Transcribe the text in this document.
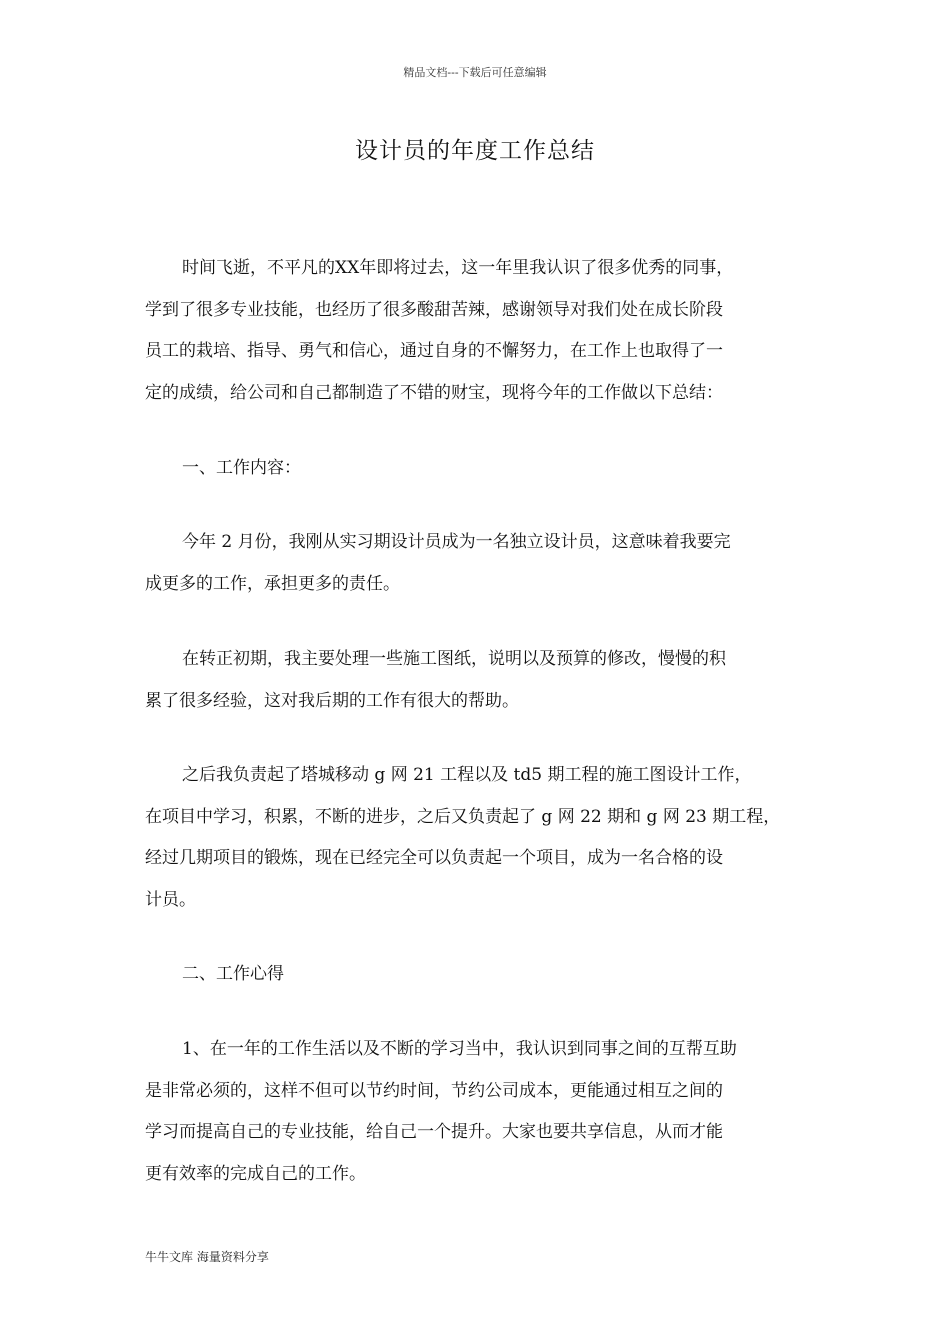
精品文档---下载后可任意编辑
设计员的年度工作总结
时间飞逝，不平凡的XX年即将过去，这一年里我认识了很多优秀的同事，
学到了很多专业技能，也经历了很多酸甜苦辣，感谢领导对我们处在成长阶段
员工的栽培、指导、勇气和信心，通过自身的不懈努力，在工作上也取得了一
定的成绩，给公司和自己都制造了不错的财宝，现将今年的工作做以下总结：
一、工作内容：
今年 2 月份，我刚从实习期设计员成为一名独立设计员，这意味着我要完
成更多的工作，承担更多的责任。
在转正初期，我主要处理一些施工图纸，说明以及预算的修改，慢慢的积
累了很多经验，这对我后期的工作有很大的帮助。
之后我负责起了塔城移动 g 网 21 工程以及 td5 期工程的施工图设计工作，
在项目中学习，积累，不断的进步，之后又负责起了 g 网 22 期和 g 网 23 期工程，
经过几期项目的锻炼，现在已经完全可以负责起一个项目，成为一名合格的设
计员。
二、工作心得
1、在一年的工作生活以及不断的学习当中，我认识到同事之间的互帮互助
是非常必须的，这样不但可以节约时间，节约公司成本，更能通过相互之间的
学习而提高自己的专业技能，给自己一个提升。大家也要共享信息，从而才能
更有效率的完成自己的工作。
牛牛文库 海量资料分享
